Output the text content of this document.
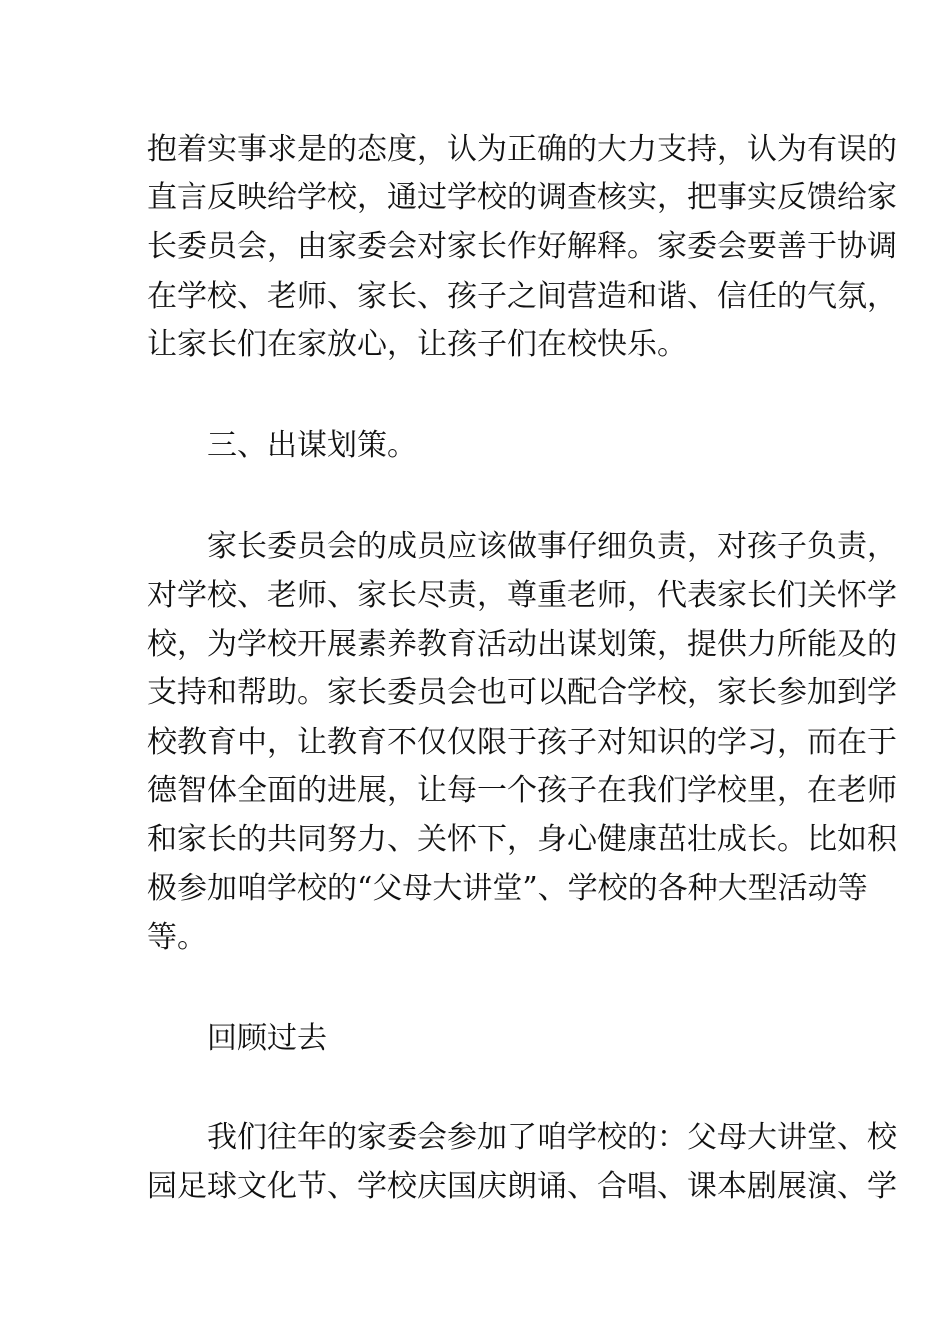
抱着实事求是的态度，认为正确的大力支持，认为有误的

直言反映给学校，通过学校的调查核实，把事实反馈给家

长委员会，由家委会对家长作好解释。家委会要善于协调

在学校、老师、家长、孩子之间营造和谐、信任的气氛，

让家长们在家放心，让孩子们在校快乐。

三、出谋划策。

家长委员会的成员应该做事仔细负责，对孩子负责，

对学校、老师、家长尽责，尊重老师，代表家长们关怀学

校，为学校开展素养教育活动出谋划策，提供力所能及的

支持和帮助。家长委员会也可以配合学校，家长参加到学

校教育中，让教育不仅仅限于孩子对知识的学习，而在于

德智体全面的进展，让每一个孩子在我们学校里，在老师

和家长的共同努力、关怀下，身心健康茁壮成长。比如积

极参加咱学校的“父母大讲堂”、学校的各种大型活动等

等。

回顾过去

我们往年的家委会参加了咱学校的：父母大讲堂、校

园足球文化节、学校庆国庆朗诵、合唱、课本剧展演、学
